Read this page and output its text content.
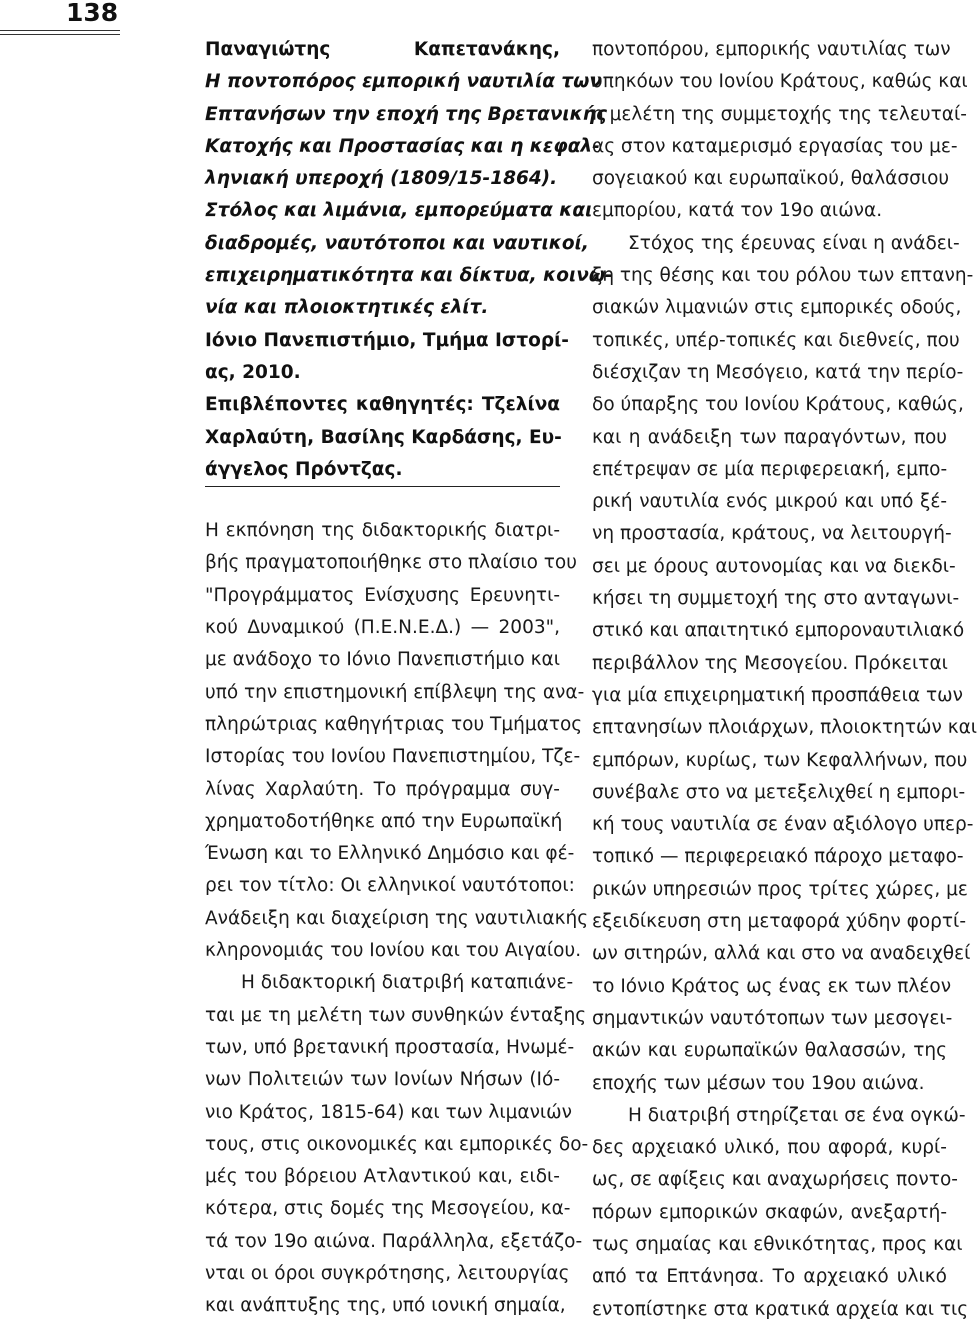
138
Παναγιώτης Καπετανάκης,
Η ποντοπόρος εμπορική ναυτιλία των
Επτανήσων την εποχή της Βρετανικής
Κατοχής και Προστασίας και η κεφαλ-
ληνιακή υπεροχή (1809/15-1864).
Στόλος και λιμάνια, εμπορεύματα και
διαδρομές, ναυτότοποι και ναυτικοί,
επιχειρηματικότητα και δίκτυα, κοινω-
νία και πλοιοκτητικές ελίτ.
Ιόνιο Πανεπιστήμιο, Τμήμα Ιστορί-
ας, 2010.
Επιβλέποντες καθηγητές: Τζελίνα
Χαρλαύτη, Βασίλης Καρδάσης, Ευ-
άγγελος Πρόντζας.
Η εκπόνηση της διδακτορικής διατρι-
βής πραγματοποιήθηκε στο πλαίσιο του
"Προγράμματος Ενίσχυσης Ερευνητι-
κού Δυναμικού (Π.Ε.Ν.Ε.Δ.) — 2003",
με ανάδοχο το Ιόνιο Πανεπιστήμιο και
υπό την επιστημονική επίβλεψη της ανα-
πληρώτριας καθηγήτριας του Τμήματος
Ιστορίας του Ιονίου Πανεπιστημίου, Τζε-
λίνας Χαρλαύτη. Το πρόγραμμα συγ-
χρηματοδοτήθηκε από την Ευρωπαϊκή
Ένωση και το Ελληνικό Δημόσιο και φέ-
ρει τον τίτλο: Οι ελληνικοί ναυτότοποι:
Ανάδειξη και διαχείριση της ναυτιλιακής
κληρονομιάς του Ιονίου και του Αιγαίου.
Η διδακτορική διατριβή καταπιάνε-
ται με τη μελέτη των συνθηκών ένταξης
των, υπό βρετανική προστασία, Ηνωμέ-
νων Πολιτειών των Ιονίων Νήσων (Ιό-
νιο Κράτος, 1815-64) και των λιμανιών
τους, στις οικονομικές και εμπορικές δο-
μές του βόρειου Ατλαντικού και, ειδι-
κότερα, στις δομές της Μεσογείου, κα-
τά τον 19ο αιώνα. Παράλληλα, εξετάζο-
νται οι όροι συγκρότησης, λειτουργίας
και ανάπτυξης της, υπό ιονική σημαία,
ποντοπόρου, εμπορικής ναυτιλίας των
υπηκόων του Ιονίου Κράτους, καθώς και
η μελέτη της συμμετοχής της τελευταί-
ας στον καταμερισμό εργασίας του με-
σογειακού και ευρωπαϊκού, θαλάσσιου
εμπορίου, κατά τον 19ο αιώνα.
Στόχος της έρευνας είναι η ανάδει-
ξη της θέσης και του ρόλου των επτανη-
σιακών λιμανιών στις εμπορικές οδούς,
τοπικές, υπέρ-τοπικές και διεθνείς, που
διέσχιζαν τη Μεσόγειο, κατά την περίο-
δο ύπαρξης του Ιονίου Κράτους, καθώς,
και η ανάδειξη των παραγόντων, που
επέτρεψαν σε μία περιφερειακή, εμπο-
ρική ναυτιλία ενός μικρού και υπό ξέ-
νη προστασία, κράτους, να λειτουργή-
σει με όρους αυτονομίας και να διεκδι-
κήσει τη συμμετοχή της στο ανταγωνι-
στικό και απαιτητικό εμποροναυτιλιακό
περιβάλλον της Μεσογείου. Πρόκειται
για μία επιχειρηματική προσπάθεια των
επτανησίων πλοιάρχων, πλοιοκτητών και
εμπόρων, κυρίως, των Κεφαλλήνων, που
συνέβαλε στο να μετεξελιχθεί η εμπορι-
κή τους ναυτιλία σε έναν αξιόλογο υπερ-
τοπικό — περιφερειακό πάροχο μεταφο-
ρικών υπηρεσιών προς τρίτες χώρες, με
εξειδίκευση στη μεταφορά χύδην φορτί-
ων σιτηρών, αλλά και στο να αναδειχθεί
το Ιόνιο Κράτος ως ένας εκ των πλέον
σημαντικών ναυτότοπων των μεσογει-
ακών και ευρωπαϊκών θαλασσών, της
εποχής των μέσων του 19ου αιώνα.
Η διατριβή στηρίζεται σε ένα ογκώ-
δες αρχειακό υλικό, που αφορά, κυρί-
ως, σε αφίξεις και αναχωρήσεις ποντο-
πόρων εμπορικών σκαφών, ανεξαρτή-
τως σημαίας και εθνικότητας, προς και
από τα Επτάνησα. Το αρχειακό υλικό
εντοπίστηκε στα κρατικά αρχεία και τις
